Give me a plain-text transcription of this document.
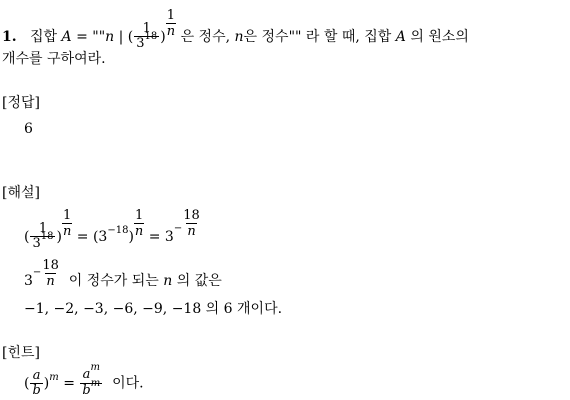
1. 집합 A = ""n | ( $\frac{1}{3^{18}}$ ) $\frac{1}{n}$ 은 정수, n은 정수"" 라 할 때, 집합 A 의 원소의
개수를 구하여라.
[정답]
6
[해설]
( $\frac{1}{3^{18}}$ ) $\frac{1}{n} = (3^{-18}) \frac{1}{n} = 3^- \frac{18}{n}$
$3^- \frac{18}{n}$ 이 정수가 되는 n 의 값은
−1, −2, −3, −6, −9, −18 의 6 개이다.
[힌트]
( $\frac{a}{b} )^m = \frac{a^m}{b^m}$ 이다.
